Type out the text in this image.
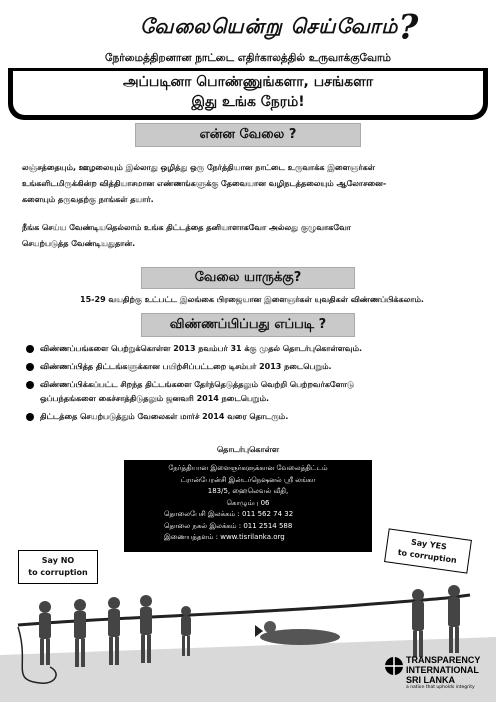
வேலையென்று செய்வோம்?
நேர்மைத்திறனான நாட்டை எதிர்காலத்தில் உருவாக்குவோம்
அப்படினா பொண்ணுங்களா, பசங்களா
இது உங்க நேரம்!
என்ன வேலை ?
லஞ்சத்தையும், ஊழலையும் இல்லாது ஒழித்து ஒரு நேர்த்தியான நாட்டை உருவாக்க இளைஞர்கள்
உங்களிடமிருக்கின்ற வித்தியாசமான எண்ணங்களுக்கு தேவையான வழிநடத்தலையும் ஆலோசனை-
களையும் தருவதற்கு நாங்கள் தயார்.
நீங்க செய்ய வேண்டியதெல்லாம் உங்க திட்டத்தை தனியாளாகவோ அல்லது குழுவாகவோ
செயற்படுத்த வேண்டியதுதான்.
வேலை யாருக்கு?
15-29 வயதிற்கு உட்பட்ட இலங்கை பிரஜையான இளைஞர்கள் யுவதிகள் விண்ணப்பிக்கலாம்.
விண்ணப்பிப்பது எப்படி ?
விண்ணப்பங்களை பெற்றுக்கொள்ள 2013 நவம்பர் 31 க்கு முதல் தொடர்புகொள்ளவும்.
விண்ணப்பித்த திட்டங்களுக்கான பயிற்சிப்பட்டறை டிசம்பர் 2013 நடைபெறும்.
விண்ணப்பிக்கப்பட்ட சிறந்த திட்டங்களை தேர்ந்தெடுத்தலும் வெற்றி பெற்றவர்களோடு
ஒப்பந்தங்களை கைச்சாத்திடுதலும் ஜனவரி 2014 நடைபெறும்.
திட்டத்தை செயற்படுத்தும் வேலைகள் மார்ச் 2014 வரை தொடரும்.
தொடர்புகொள்ள
நேர்த்தியான இளைஞர்களுக்கான வேலைத்திட்டம்
ட்ரான்பேரன்சி இன்டர்நெஷனல் ஸ்ரீ லங்கா
183/5, ஹைலெவல் வீதி,
கொழும்பு 06
தொலைபேசி இலக்கம் : 011 562 74 32
தொலை நகல் இலக்கம் : 011 2514 588
இணையத்தளம் : www.tisrilanka.org
Say NO
to corruption
Say YES
to corruption
TRANSPARENCY
INTERNATIONAL
SRI LANKA
a nation that upholds integrity
